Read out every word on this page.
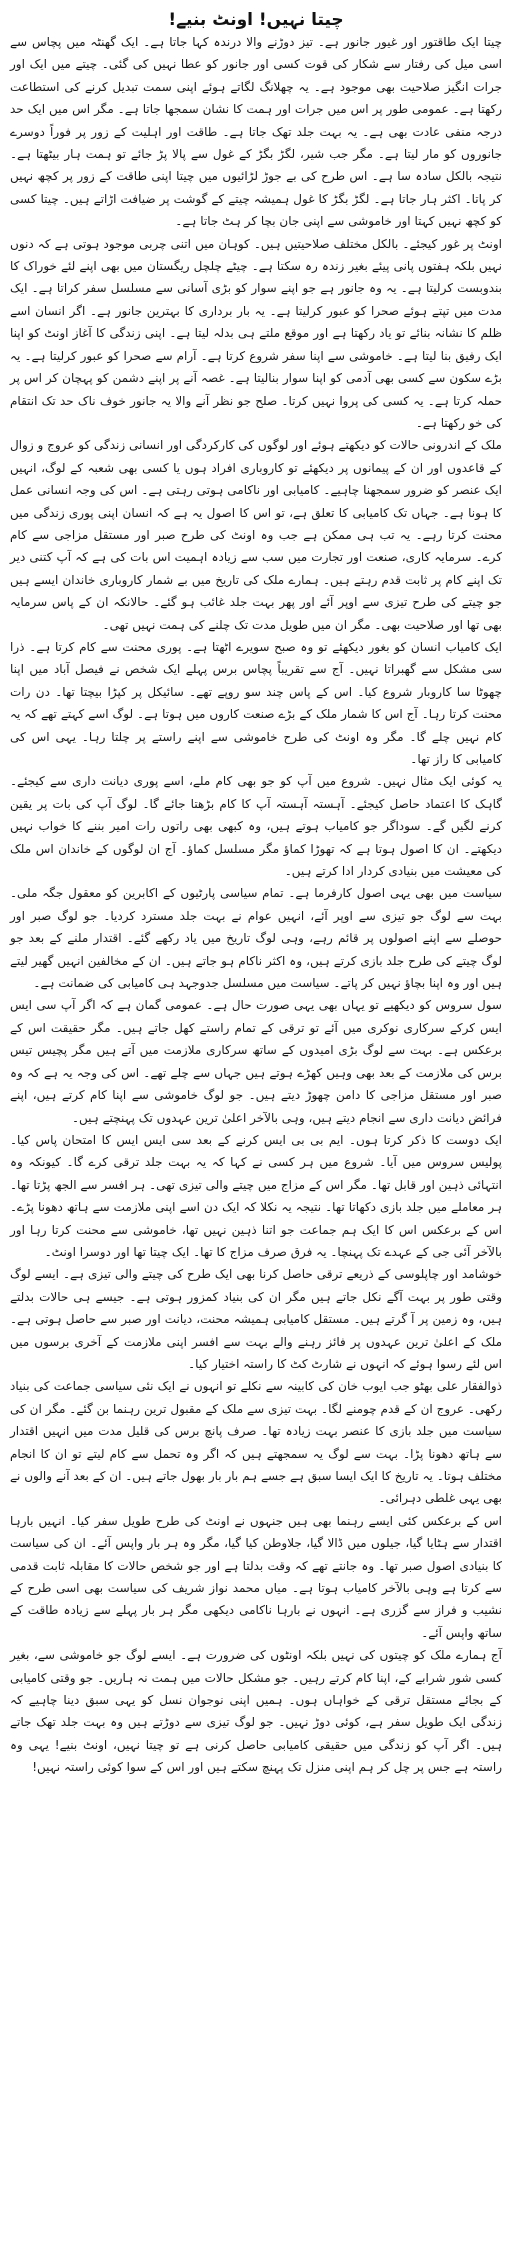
چیتا نہیں! اونٹ بنیے!

چیتا ایک طاقتور اور غیور جانور ہے۔ تیز دوڑنے والا درندہ کہا جاتا ہے۔ ایک گھنٹہ میں پچاس سے اسی میل کی رفتار سے شکار کی قوت کسی اور جانور کو عطا نہیں کی گئی۔ چیتے میں ایک اور جرات انگیز صلاحیت بھی موجود ہے۔ یہ چھلانگ لگاتے ہوئے اپنی سمت تبدیل کرنے کی استطاعت رکھتا ہے۔ عمومی طور پر اس میں جرات اور ہمت کا نشان سمجھا جاتا ہے۔ مگر اس میں ایک حد درجہ منفی عادت بھی ہے۔ یہ بہت جلد تھک جاتا ہے۔ طاقت اور اہلیت کے زور پر فوراً دوسرے جانوروں کو مار لیتا ہے۔ مگر جب شیر، لگڑ بگڑ کے غول سے پالا پڑ جائے تو ہمت ہار بیٹھتا ہے۔ نتیجہ بالکل سادہ سا ہے۔ اس طرح کی بے جوڑ لڑائیوں میں چیتا اپنی طاقت کے زور پر کچھ نہیں کر پاتا۔ اکثر ہار جاتا ہے۔ لگڑ بگڑ کا غول ہمیشہ چیتے کے گوشت پر ضیافت اڑاتے ہیں۔ چیتا کسی کو کچھ نہیں کہتا اور خاموشی سے اپنی جان بچا کر ہٹ جاتا ہے۔

اونٹ پر غور کیجئے۔ بالکل مختلف صلاحیتیں ہیں۔ کوہان میں اتنی چربی موجود ہوتی ہے کہ دنوں نہیں بلکہ ہفتوں پانی پیئے بغیر زندہ رہ سکتا ہے۔ چیٹے چلچل ریگستان میں بھی اپنے لئے خوراک کا بندوبست کرلیتا ہے۔ یہ وہ جانور ہے جو اپنے سوار کو بڑی آسانی سے مسلسل سفر کراتا ہے۔ ایک مدت میں تپتے ہوئے صحرا کو عبور کرلیتا ہے۔ یہ بار برداری کا بہترین جانور ہے۔ اگر انسان اسے ظلم کا نشانہ بنائے تو یاد رکھتا ہے اور موقع ملتے ہی بدلہ لیتا ہے۔ اپنی زندگی کا آغاز اونٹ کو اپنا ایک رفیق بنا لیتا ہے۔ خاموشی سے اپنا سفر شروع کرتا ہے۔ آرام سے صحرا کو عبور کرلیتا ہے۔ یہ بڑے سکون سے کسی بھی آدمی کو اپنا سوار بنالیتا ہے۔ غصہ آنے پر اپنے دشمن کو پہچان کر اس پر حملہ کرتا ہے۔ یہ کسی کی پروا نہیں کرتا۔ صلح جو نظر آنے والا یہ جانور خوف ناک حد تک انتقام کی خو رکھتا ہے۔

ملک کے اندرونی حالات کو دیکھتے ہوئے اور لوگوں کی کارکردگی اور انسانی زندگی کو عروج و زوال کے قاعدوں اور ان کے پیمانوں پر دیکھئے تو کاروباری افراد ہوں یا کسی بھی شعبہ کے لوگ، انہیں ایک عنصر کو ضرور سمجھنا چاہیے۔ کامیابی اور ناکامی ہوتی رہتی ہے۔ اس کی وجہ انسانی عمل کا ہونا ہے۔ جہاں تک کامیابی کا تعلق ہے، تو اس کا اصول یہ ہے کہ انسان اپنی پوری زندگی میں محنت کرتا رہے۔ یہ تب ہی ممکن ہے جب وہ اونٹ کی طرح صبر اور مستقل مزاجی سے کام کرے۔ سرمایہ کاری، صنعت اور تجارت میں سب سے زیادہ اہمیت اس بات کی ہے کہ آپ کتنی دیر تک اپنے کام پر ثابت قدم رہتے ہیں۔ ہمارے ملک کی تاریخ میں بے شمار کاروباری خاندان ایسے ہیں جو چیتے کی طرح تیزی سے اوپر آئے اور پھر بہت جلد غائب ہو گئے۔ حالانکہ ان کے پاس سرمایہ بھی تھا اور صلاحیت بھی۔ مگر ان میں طویل مدت تک چلنے کی ہمت نہیں تھی۔

ایک کامیاب انسان کو بغور دیکھئے تو وہ صبح سویرے اٹھتا ہے۔ پوری محنت سے کام کرتا ہے۔ ذرا سی مشکل سے گھبراتا نہیں۔ آج سے تقریباً پچاس برس پہلے ایک شخص نے فیصل آباد میں اپنا چھوٹا سا کاروبار شروع کیا۔ اس کے پاس چند سو روپے تھے۔ سائیکل پر کپڑا بیچتا تھا۔ دن رات محنت کرتا رہا۔ آج اس کا شمار ملک کے بڑے صنعت کاروں میں ہوتا ہے۔ لوگ اسے کہتے تھے کہ یہ کام نہیں چلے گا۔ مگر وہ اونٹ کی طرح خاموشی سے اپنے راستے پر چلتا رہا۔ یہی اس کی کامیابی کا راز تھا۔

یہ کوئی ایک مثال نہیں۔ شروع میں آپ کو جو بھی کام ملے، اسے پوری دیانت داری سے کیجئے۔ گاہک کا اعتماد حاصل کیجئے۔ آہستہ آہستہ آپ کا کام بڑھتا جائے گا۔ لوگ آپ کی بات پر یقین کرنے لگیں گے۔ سوداگر جو کامیاب ہوتے ہیں، وہ کبھی بھی راتوں رات امیر بننے کا خواب نہیں دیکھتے۔ ان کا اصول ہوتا ہے کہ تھوڑا کماؤ مگر مسلسل کماؤ۔ آج ان لوگوں کے خاندان اس ملک کی معیشت میں بنیادی کردار ادا کرتے ہیں۔

سیاست میں بھی یہی اصول کارفرما ہے۔ تمام سیاسی پارٹیوں کے اکابرین کو معقول جگہ ملی۔ بہت سے لوگ جو تیزی سے اوپر آئے، انہیں عوام نے بہت جلد مسترد کردیا۔ جو لوگ صبر اور حوصلے سے اپنے اصولوں پر قائم رہے، وہی لوگ تاریخ میں یاد رکھے گئے۔ اقتدار ملنے کے بعد جو لوگ چیتے کی طرح جلد بازی کرتے ہیں، وہ اکثر ناکام ہو جاتے ہیں۔ ان کے مخالفین انہیں گھیر لیتے ہیں اور وہ اپنا بچاؤ نہیں کر پاتے۔ سیاست میں مسلسل جدوجہد ہی کامیابی کی ضمانت ہے۔

سول سروس کو دیکھیے تو یہاں بھی یہی صورت حال ہے۔ عمومی گمان ہے کہ اگر آپ سی ایس ایس کرکے سرکاری نوکری میں آئے تو ترقی کے تمام راستے کھل جاتے ہیں۔ مگر حقیقت اس کے برعکس ہے۔ بہت سے لوگ بڑی امیدوں کے ساتھ سرکاری ملازمت میں آتے ہیں مگر پچیس تیس برس کی ملازمت کے بعد بھی وہیں کھڑے ہوتے ہیں جہاں سے چلے تھے۔ اس کی وجہ یہ ہے کہ وہ صبر اور مستقل مزاجی کا دامن چھوڑ دیتے ہیں۔ جو لوگ خاموشی سے اپنا کام کرتے ہیں، اپنے فرائض دیانت داری سے انجام دیتے ہیں، وہی بالآخر اعلیٰ ترین عہدوں تک پہنچتے ہیں۔

ایک دوست کا ذکر کرتا ہوں۔ ایم بی بی ایس کرنے کے بعد سی ایس ایس کا امتحان پاس کیا۔ پولیس سروس میں آیا۔ شروع میں ہر کسی نے کہا کہ یہ بہت جلد ترقی کرے گا۔ کیونکہ وہ انتہائی ذہین اور قابل تھا۔ مگر اس کے مزاج میں چیتے والی تیزی تھی۔ ہر افسر سے الجھ پڑتا تھا۔ ہر معاملے میں جلد بازی دکھاتا تھا۔ نتیجہ یہ نکلا کہ ایک دن اسے اپنی ملازمت سے ہاتھ دھونا پڑے۔ اس کے برعکس اس کا ایک ہم جماعت جو اتنا ذہین نہیں تھا، خاموشی سے محنت کرتا رہا اور بالآخر آئی جی کے عہدے تک پہنچا۔ یہ فرق صرف مزاج کا تھا۔ ایک چیتا تھا اور دوسرا اونٹ۔

خوشامد اور چاپلوسی کے ذریعے ترقی حاصل کرنا بھی ایک طرح کی چیتے والی تیزی ہے۔ ایسے لوگ وقتی طور پر بہت آگے نکل جاتے ہیں مگر ان کی بنیاد کمزور ہوتی ہے۔ جیسے ہی حالات بدلتے ہیں، وہ زمین پر آ گرتے ہیں۔ مستقل کامیابی ہمیشہ محنت، دیانت اور صبر سے حاصل ہوتی ہے۔ ملک کے اعلیٰ ترین عہدوں پر فائز رہنے والے بہت سے افسر اپنی ملازمت کے آخری برسوں میں اس لئے رسوا ہوئے کہ انہوں نے شارٹ کٹ کا راستہ اختیار کیا۔

ذوالفقار علی بھٹو جب ایوب خان کی کابینہ سے نکلے تو انہوں نے ایک نئی سیاسی جماعت کی بنیاد رکھی۔ عروج ان کے قدم چومنے لگا۔ بہت تیزی سے ملک کے مقبول ترین رہنما بن گئے۔ مگر ان کی سیاست میں جلد بازی کا عنصر بہت زیادہ تھا۔ صرف پانچ برس کی قلیل مدت میں انہیں اقتدار سے ہاتھ دھونا پڑا۔ بہت سے لوگ یہ سمجھتے ہیں کہ اگر وہ تحمل سے کام لیتے تو ان کا انجام مختلف ہوتا۔ یہ تاریخ کا ایک ایسا سبق ہے جسے ہم بار بار بھول جاتے ہیں۔ ان کے بعد آنے والوں نے بھی یہی غلطی دہرائی۔

اس کے برعکس کئی ایسے رہنما بھی ہیں جنہوں نے اونٹ کی طرح طویل سفر کیا۔ انہیں بارہا اقتدار سے ہٹایا گیا، جیلوں میں ڈالا گیا، جلاوطن کیا گیا، مگر وہ ہر بار واپس آئے۔ ان کی سیاست کا بنیادی اصول صبر تھا۔ وہ جانتے تھے کہ وقت بدلتا ہے اور جو شخص حالات کا مقابلہ ثابت قدمی سے کرتا ہے وہی بالآخر کامیاب ہوتا ہے۔ میاں محمد نواز شریف کی سیاست بھی اسی طرح کے نشیب و فراز سے گزری ہے۔ انہوں نے بارہا ناکامی دیکھی مگر ہر بار پہلے سے زیادہ طاقت کے ساتھ واپس آئے۔

آج ہمارے ملک کو چیتوں کی نہیں بلکہ اونٹوں کی ضرورت ہے۔ ایسے لوگ جو خاموشی سے، بغیر کسی شور شرابے کے، اپنا کام کرتے رہیں۔ جو مشکل حالات میں ہمت نہ ہاریں۔ جو وقتی کامیابی کے بجائے مستقل ترقی کے خواہاں ہوں۔ ہمیں اپنی نوجوان نسل کو یہی سبق دینا چاہیے کہ زندگی ایک طویل سفر ہے، کوئی دوڑ نہیں۔ جو لوگ تیزی سے دوڑتے ہیں وہ بہت جلد تھک جاتے ہیں۔ اگر آپ کو زندگی میں حقیقی کامیابی حاصل کرنی ہے تو چیتا نہیں، اونٹ بنیے! یہی وہ راستہ ہے جس پر چل کر ہم اپنی منزل تک پہنچ سکتے ہیں اور اس کے سوا کوئی راستہ نہیں!
